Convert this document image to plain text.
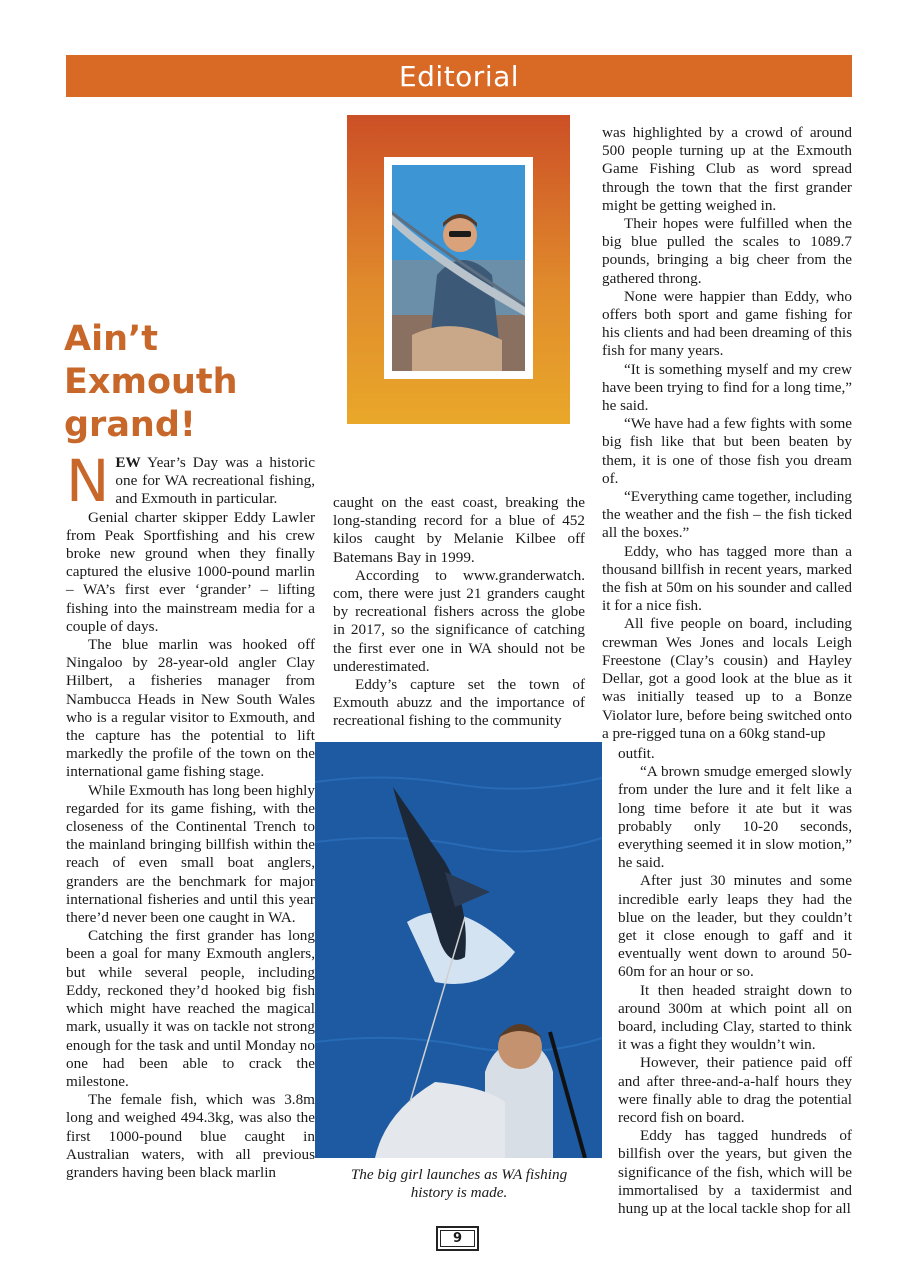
Editorial
Ain’t
Exmouth
grand!

NEW Year’s Day was a historic one for WA recreational fishing, and Exmouth in particular.

Genial charter skipper Eddy Lawler from Peak Sportfishing and his crew broke new ground when they finally captured the elusive 1000-pound marlin – WA’s first ever ‘grander’ – lifting fishing into the mainstream media for a couple of days.

The blue marlin was hooked off Ningaloo by 28-year-old angler Clay Hilbert, a fisheries manager from Nambucca Heads in New South Wales who is a regular visitor to Exmouth, and the capture has the potential to lift markedly the profile of the town on the international game fishing stage.

While Exmouth has long been highly regarded for its game fishing, with the closeness of the Continental Trench to the mainland bringing billfish within the reach of even small boat anglers, granders are the benchmark for major international fisheries and until this year there’d never been one caught in WA.

Catching the first grander has long been a goal for many Exmouth anglers, but while several people, including Eddy, reckoned they’d hooked big fish which might have reached the magical mark, usually it was on tackle not strong enough for the task and until Monday no one had been able to crack the milestone.

The female fish, which was 3.8m long and weighed 494.3kg, was also the first 1000-pound blue caught in Australian waters, with all previous granders having been black marlin

caught on the east coast, breaking the long-standing record for a blue of 452 kilos caught by Melanie Kilbee off Batemans Bay in 1999.

According to www.granderwatch. com, there were just 21 granders caught by recreational fishers across the globe in 2017, so the significance of catching the first ever one in WA should not be underestimated.

Eddy’s capture set the town of Exmouth abuzz and the importance of recreational fishing to the community

was highlighted by a crowd of around 500 people turning up at the Exmouth Game Fishing Club as word spread through the town that the first grander might be getting weighed in.

Their hopes were fulfilled when the big blue pulled the scales to 1089.7 pounds, bringing a big cheer from the gathered throng.

None were happier than Eddy, who offers both sport and game fishing for his clients and had been dreaming of this fish for many years.

“It is something myself and my crew have been trying to find for a long time,” he said.

“We have had a few fights with some big fish like that but been beaten by them, it is one of those fish you dream of.

“Everything came together, including the weather and the fish – the fish ticked all the boxes.”

Eddy, who has tagged more than a thousand billfish in recent years, marked the fish at 50m on his sounder and called it for a nice fish.

All five people on board, including crewman Wes Jones and locals Leigh Freestone (Clay’s cousin) and Hayley Dellar, got a good look at the blue as it was initially teased up to a Bonze Violator lure, before being switched onto a pre-rigged tuna on a 60kg stand-up

outfit.

“A brown smudge emerged slowly from under the lure and it felt like a long time before it ate but it was probably only 10-20 seconds, everything seemed it in slow motion,” he said.

After just 30 minutes and some incredible early leaps they had the blue on the leader, but they couldn’t get it close enough to gaff and it eventually went down to around 50-60m for an hour or so.

It then headed straight down to around 300m at which point all on board, including Clay, started to think it was a fight they wouldn’t win.

However, their patience paid off and after three-and-a-half hours they were finally able to drag the potential record fish on board.

Eddy has tagged hundreds of billfish over the years, but given the significance of the fish, which will be immortalised by a taxidermist and hung up at the local tackle shop for all

The big girl launches as WA fishing history is made.

9
